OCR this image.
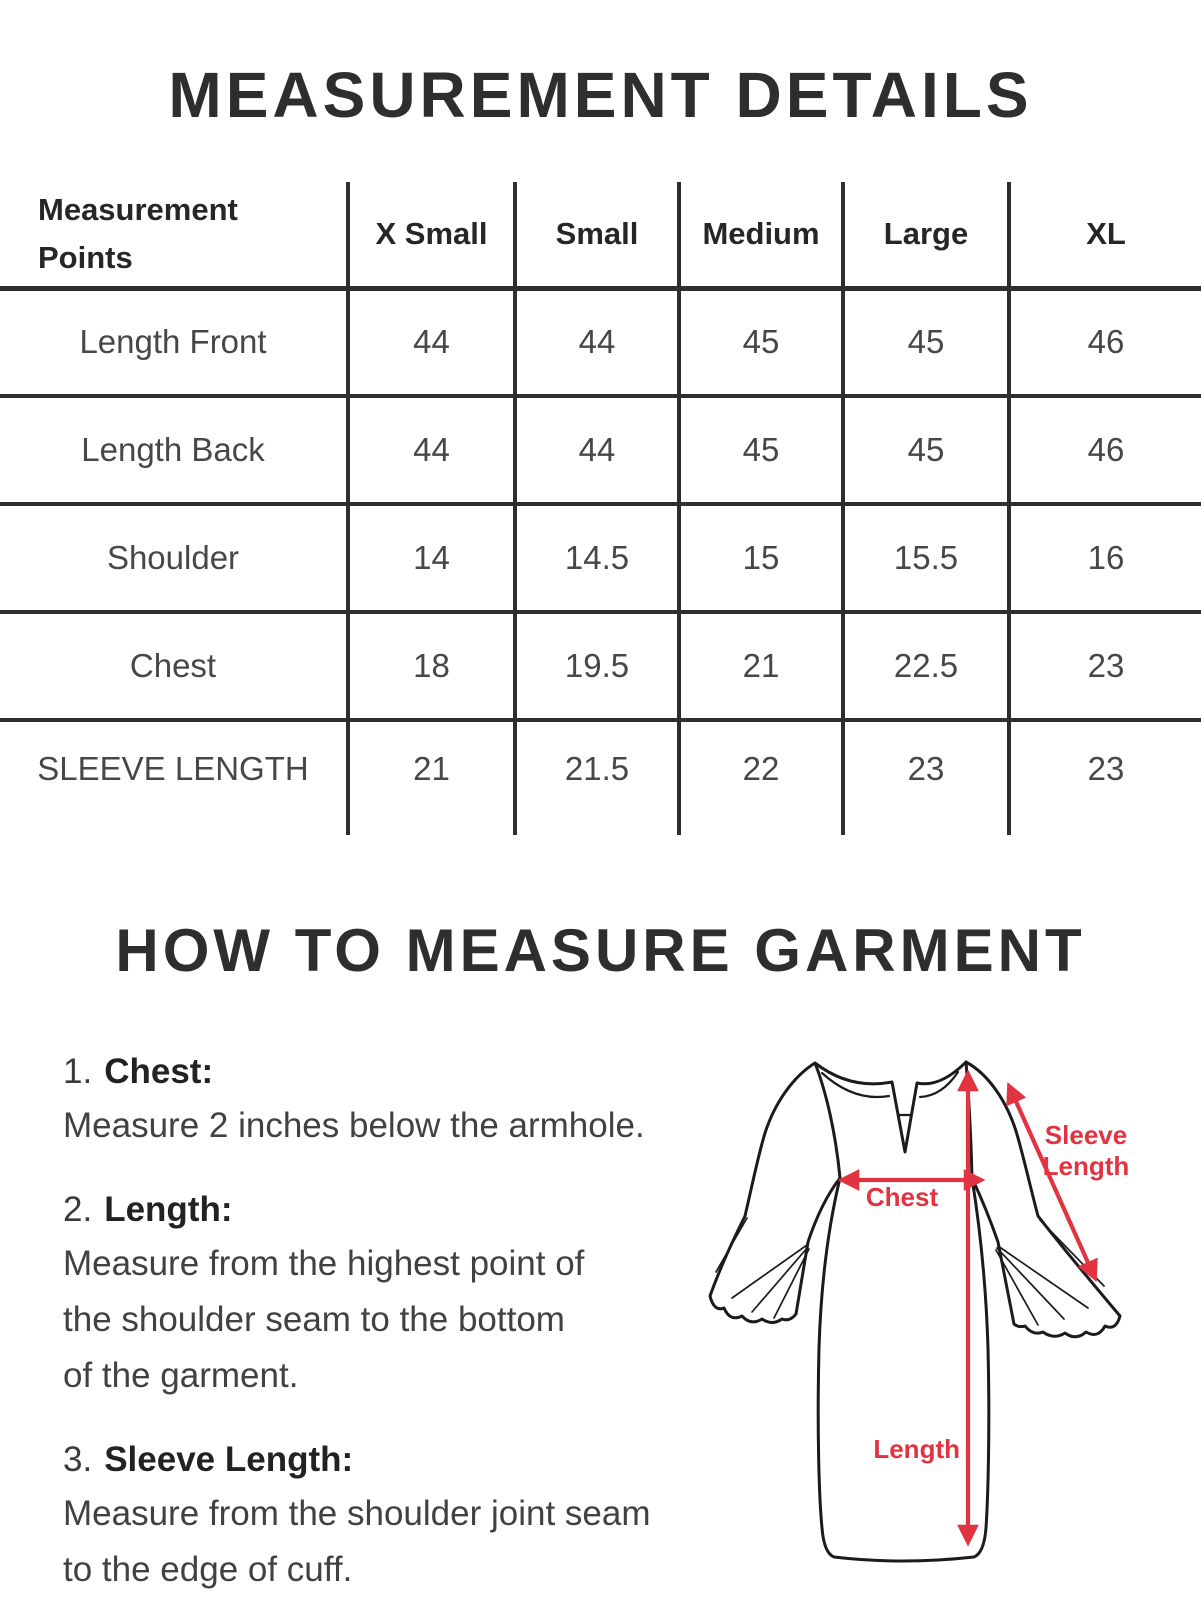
MEASUREMENT DETAILS
Measurement Points	X Small	Small	Medium	Large	XL
Length Front	44	44	45	45	46
Length Back	44	44	45	45	46
Shoulder	14	14.5	15	15.5	16
Chest	18	19.5	21	22.5	23
SLEEVE LENGTH	21	21.5	22	23	23
HOW TO MEASURE GARMENT

1. Chest:

Measure 2 inches below the armhole.

2. Length:

Measure from the highest point of

the shoulder seam to the bottom

of the garment.

3. Sleeve Length:

Measure from the shoulder joint seam

to the edge of cuff.

Chest
Sleeve
Length
Length
